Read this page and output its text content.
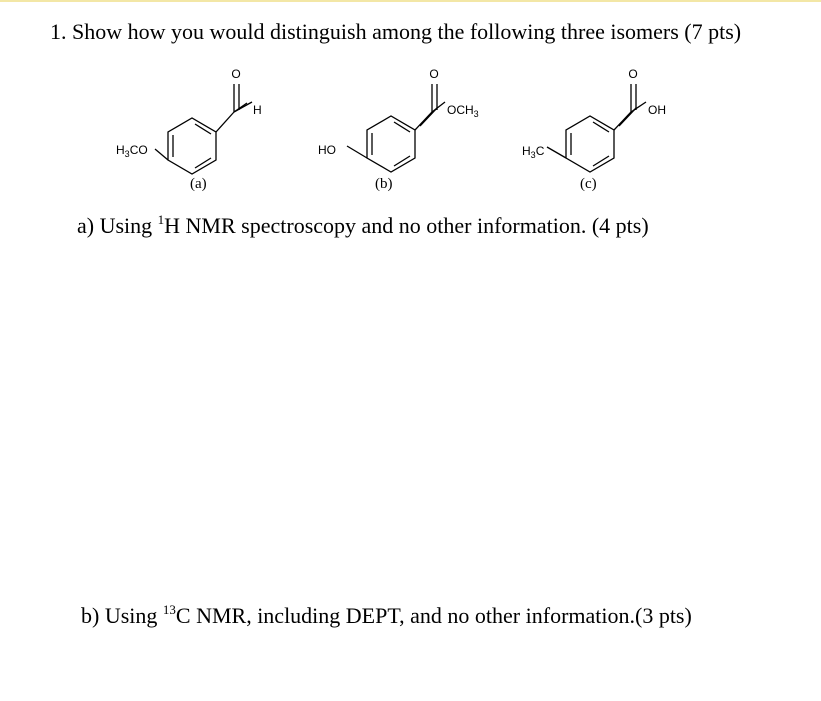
1. Show how you would distinguish among the following three isomers (7 pts)
O
H
$H_3CO$
O
$OCH_3$
HO
O
OH
$H_3C$
(a)	(b)	(c)
a) Using $^1$H NMR spectroscopy and no other information. (4 pts)
b) Using $^{13}$C NMR, including DEPT, and no other information.(3 pts)
